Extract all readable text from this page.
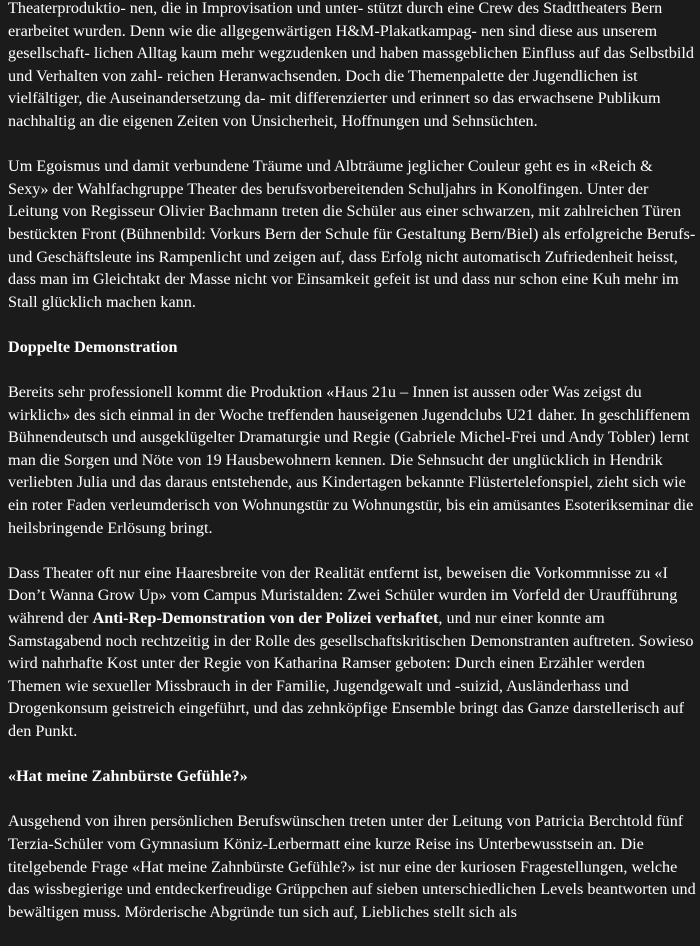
Theaterproduktio- nen, die in Improvisation und unter- stützt durch eine Crew des Stadttheaters Bern erarbeitet wurden. Denn wie die allgegenwärtigen H&M-Plakatkampag- nen sind diese aus unserem gesellschaft- lichen Alltag kaum mehr wegzudenken und haben massgeblichen Einfluss auf das Selbstbild und Verhalten von zahl- reichen Heranwachsenden. Doch die Themenpalette der Jugendlichen ist vielfältiger, die Auseinandersetzung da- mit differenzierter und erinnert so das erwachsene Publikum nachhaltig an die eigenen Zeiten von Unsicherheit, Hoffnungen und Sehnsüchten.

Um Egoismus und damit verbundene Träume und Albträume jeglicher Couleur geht es in «Reich & Sexy» der Wahlfachgruppe Theater des berufsvorbereitenden Schuljahrs in Konolfingen. Unter der Leitung von Regisseur Olivier Bachmann treten die Schüler aus einer schwarzen, mit zahlreichen Türen bestückten Front (Bühnenbild: Vorkurs Bern der Schule für Gestaltung Bern/Biel) als erfolgreiche Berufs- und Geschäftsleute ins Rampenlicht und zeigen auf, dass Erfolg nicht automatisch Zufriedenheit heisst, dass man im Gleichtakt der Masse nicht vor Einsamkeit gefeit ist und dass nur schon eine Kuh mehr im Stall glücklich machen kann.

Doppelte Demonstration

Bereits sehr professionell kommt die Produktion «Haus 21u – Innen ist aussen oder Was zeigst du wirklich» des sich einmal in der Woche treffenden hauseigenen Jugendclubs U21 daher. In geschliffenem Bühnendeutsch und ausgeklügelter Dramaturgie und Regie (Gabriele Michel-Frei und Andy Tobler) lernt man die Sorgen und Nöte von 19 Hausbewohnern kennen. Die Sehnsucht der unglücklich in Hendrik verliebten Julia und das daraus entstehende, aus Kindertagen bekannte Flüstertelefonspiel, zieht sich wie ein roter Faden verleumderisch von Wohnungstür zu Wohnungstür, bis ein amüsantes Esoterikseminar die heilsbringende Erlösung bringt.

Dass Theater oft nur eine Haaresbreite von der Realität entfernt ist, beweisen die Vorkommnisse zu «I Don’t Wanna Grow Up» vom Campus Muristalden: Zwei Schüler wurden im Vorfeld der Uraufführung während der Anti-Rep-Demonstration von der Polizei verhaftet, und nur einer konnte am Samstagabend noch rechtzeitig in der Rolle des gesellschaftskritischen Demonstranten auftreten. Sowieso wird nahrhafte Kost unter der Regie von Katharina Ramser geboten: Durch einen Erzähler werden Themen wie sexueller Missbrauch in der Familie, Jugendgewalt und -suizid, Ausländerhass und Drogenkonsum geistreich eingeführt, und das zehnköpfige Ensemble bringt das Ganze darstellerisch auf den Punkt.

«Hat meine Zahnbürste Gefühle?»

Ausgehend von ihren persönlichen Berufswünschen treten unter der Leitung von Patricia Berchtold fünf Terzia-Schüler vom Gymnasium Köniz-Lerbermatt eine kurze Reise ins Unterbewusstsein an. Die titelgebende Frage «Hat meine Zahnbürste Gefühle?» ist nur eine der kuriosen Fragestellungen, welche das wissbegierige und entdeckerfreudige Grüppchen auf sieben unterschiedlichen Levels beantworten und bewältigen muss. Mörderische Abgründe tun sich auf, Liebliches stellt sich als
